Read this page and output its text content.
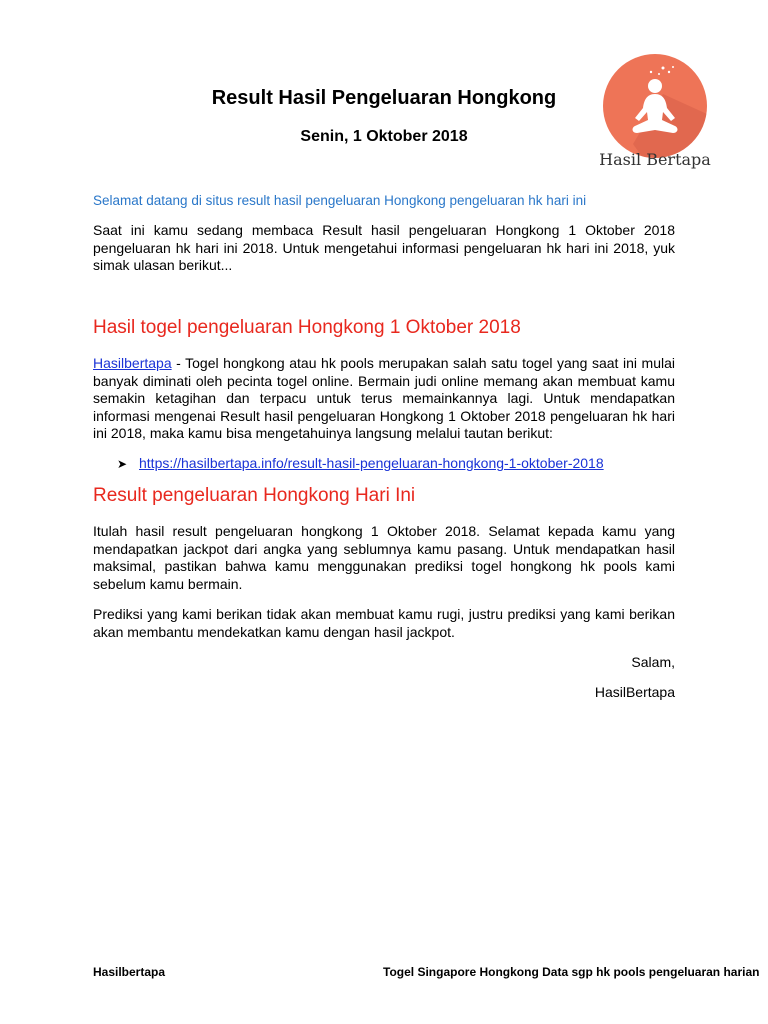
Hasil Bertapa
Result Hasil Pengeluaran Hongkong

Senin, 1 Oktober 2018

Selamat datang di situs result hasil pengeluaran Hongkong pengeluaran hk hari ini

Saat ini kamu sedang membaca Result hasil pengeluaran Hongkong 1 Oktober 2018 pengeluaran hk hari ini 2018. Untuk mengetahui informasi pengeluaran hk hari ini 2018, yuk simak ulasan berikut...

Hasil togel pengeluaran Hongkong 1 Oktober 2018

Hasilbertapa - Togel hongkong atau hk pools merupakan salah satu togel yang saat ini mulai banyak diminati oleh pecinta togel online. Bermain judi online memang akan membuat kamu semakin ketagihan dan terpacu untuk terus memainkannya lagi. Untuk mendapatkan informasi mengenai Result hasil pengeluaran Hongkong 1 Oktober 2018 pengeluaran hk hari ini 2018, maka kamu bisa mengetahuinya langsung melalui tautan berikut:

➤ https://hasilbertapa.info/result-hasil-pengeluaran-hongkong-1-oktober-2018
Result pengeluaran Hongkong Hari Ini

Itulah hasil result pengeluaran hongkong 1 Oktober 2018. Selamat kepada kamu yang mendapatkan jackpot dari angka yang seblumnya kamu pasang. Untuk mendapatkan hasil maksimal, pastikan bahwa kamu menggunakan prediksi togel hongkong hk pools kami sebelum kamu bermain.

Prediksi yang kami berikan tidak akan membuat kamu rugi, justru prediksi yang kami berikan akan membantu mendekatkan kamu dengan hasil jackpot.

Salam,

HasilBertapa

Hasilbertapa	Togel Singapore Hongkong Data sgp hk pools pengeluaran harian
